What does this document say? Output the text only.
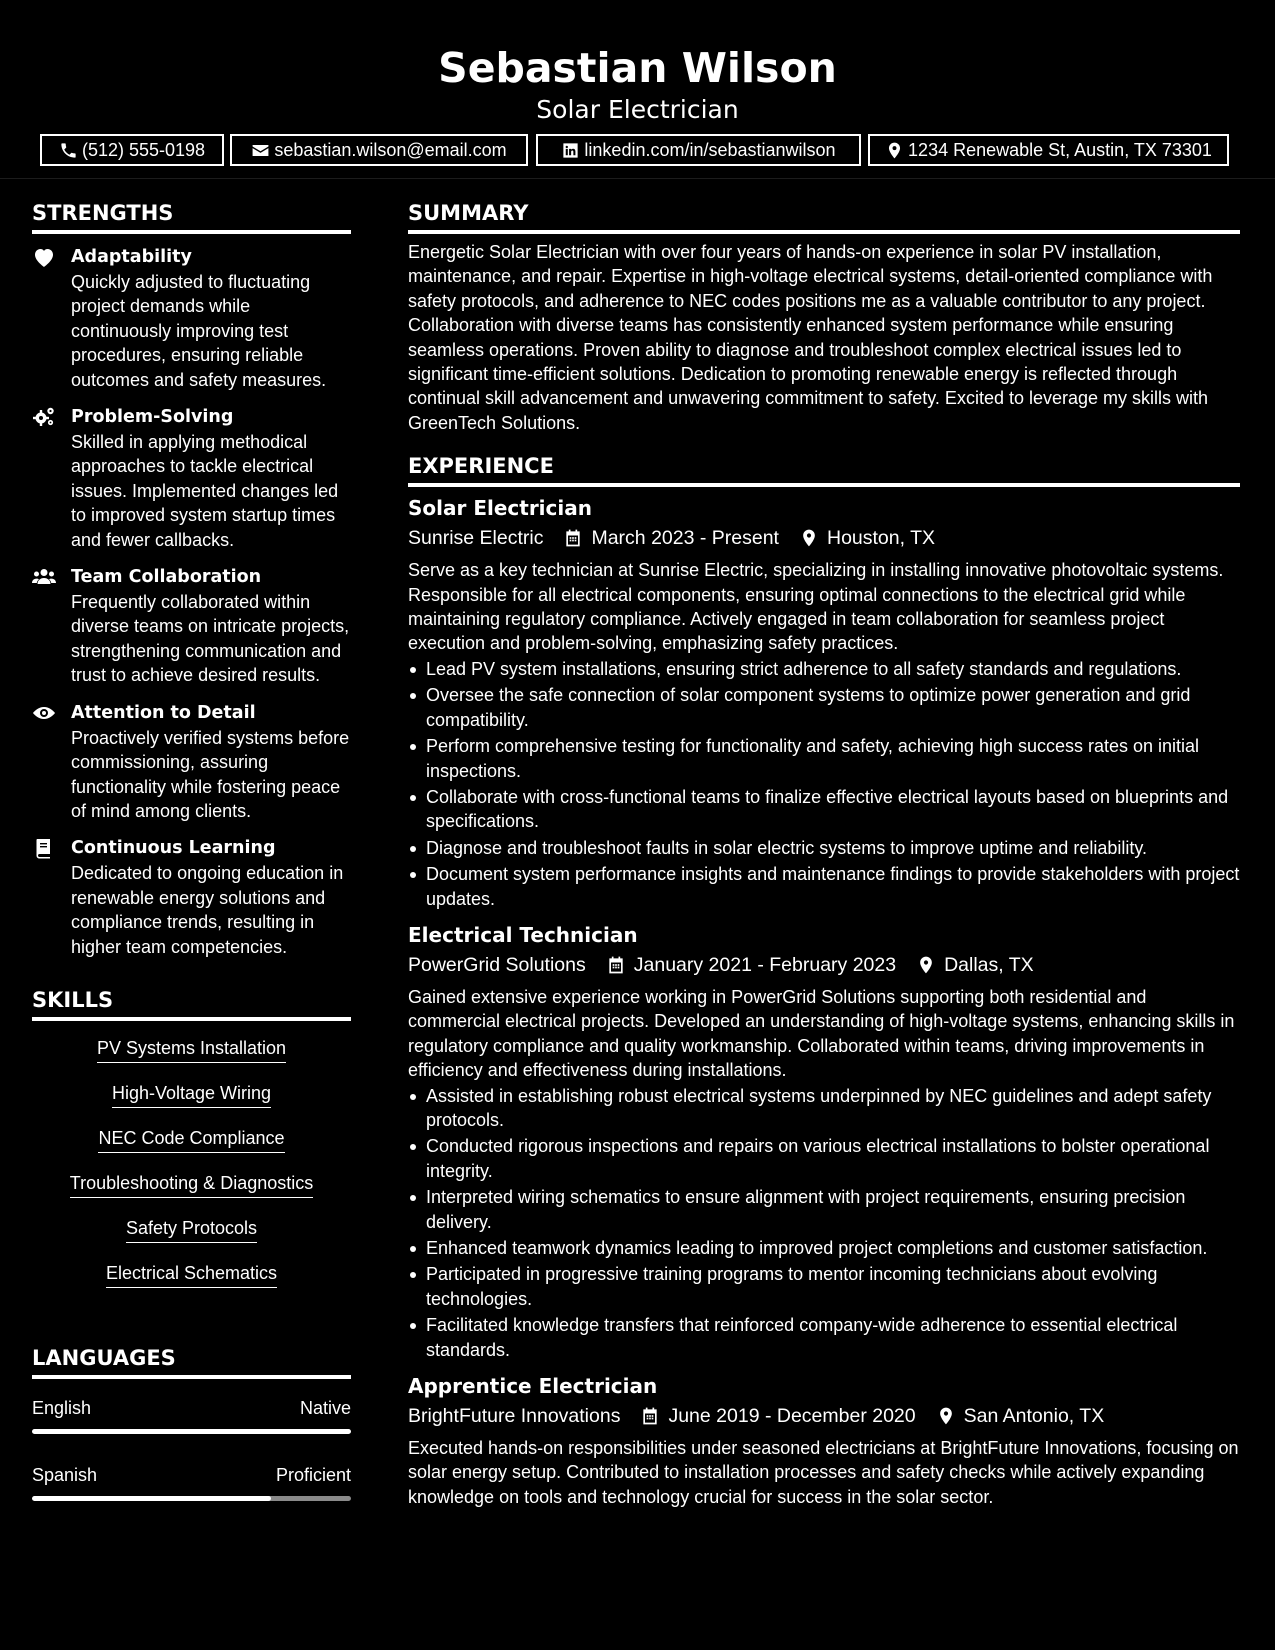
Sebastian Wilson
Solar Electrician
(512) 555-0198	sebastian.wilson@email.com	linkedin.com/in/sebastianwilson	1234 Renewable St, Austin, TX 73301
STRENGTHS
Adaptability
Quickly adjusted to fluctuating project demands while continuously improving test procedures, ensuring reliable outcomes and safety measures.
Problem-Solving
Skilled in applying methodical approaches to tackle electrical issues. Implemented changes led to improved system startup times and fewer callbacks.
Team Collaboration
Frequently collaborated within diverse teams on intricate projects, strengthening communication and trust to achieve desired results.
Attention to Detail
Proactively verified systems before commissioning, assuring functionality while fostering peace of mind among clients.
Continuous Learning
Dedicated to ongoing education in renewable energy solutions and compliance trends, resulting in higher team competencies.
SKILLS
PV Systems Installation
High-Voltage Wiring
NEC Code Compliance
Troubleshooting & Diagnostics
Safety Protocols
Electrical Schematics
LANGUAGES
English	Native
Spanish	Proficient
SUMMARY
Energetic Solar Electrician with over four years of hands-on experience in solar PV installation, maintenance, and repair. Expertise in high-voltage electrical systems, detail-oriented compliance with safety protocols, and adherence to NEC codes positions me as a valuable contributor to any project. Collaboration with diverse teams has consistently enhanced system performance while ensuring seamless operations. Proven ability to diagnose and troubleshoot complex electrical issues led to significant time-efficient solutions. Dedication to promoting renewable energy is reflected through continual skill advancement and unwavering commitment to safety. Excited to leverage my skills with GreenTech Solutions.
EXPERIENCE
Solar Electrician
Sunrise Electric March 2023 - Present Houston, TX
Serve as a key technician at Sunrise Electric, specializing in installing innovative photovoltaic systems. Responsible for all electrical components, ensuring optimal connections to the electrical grid while maintaining regulatory compliance. Actively engaged in team collaboration for seamless project execution and problem-solving, emphasizing safety practices.
Lead PV system installations, ensuring strict adherence to all safety standards and regulations.
Oversee the safe connection of solar component systems to optimize power generation and grid compatibility.
Perform comprehensive testing for functionality and safety, achieving high success rates on initial inspections.
Collaborate with cross-functional teams to finalize effective electrical layouts based on blueprints and specifications.
Diagnose and troubleshoot faults in solar electric systems to improve uptime and reliability.
Document system performance insights and maintenance findings to provide stakeholders with project updates.
Electrical Technician
PowerGrid Solutions January 2021 - February 2023 Dallas, TX
Gained extensive experience working in PowerGrid Solutions supporting both residential and commercial electrical projects. Developed an understanding of high-voltage systems, enhancing skills in regulatory compliance and quality workmanship. Collaborated within teams, driving improvements in efficiency and effectiveness during installations.
Assisted in establishing robust electrical systems underpinned by NEC guidelines and adept safety protocols.
Conducted rigorous inspections and repairs on various electrical installations to bolster operational integrity.
Interpreted wiring schematics to ensure alignment with project requirements, ensuring precision delivery.
Enhanced teamwork dynamics leading to improved project completions and customer satisfaction.
Participated in progressive training programs to mentor incoming technicians about evolving technologies.
Facilitated knowledge transfers that reinforced company-wide adherence to essential electrical standards.
Apprentice Electrician
BrightFuture Innovations June 2019 - December 2020 San Antonio, TX
Executed hands-on responsibilities under seasoned electricians at BrightFuture Innovations, focusing on solar energy setup. Contributed to installation processes and safety checks while actively expanding knowledge on tools and technology crucial for success in the solar sector.
